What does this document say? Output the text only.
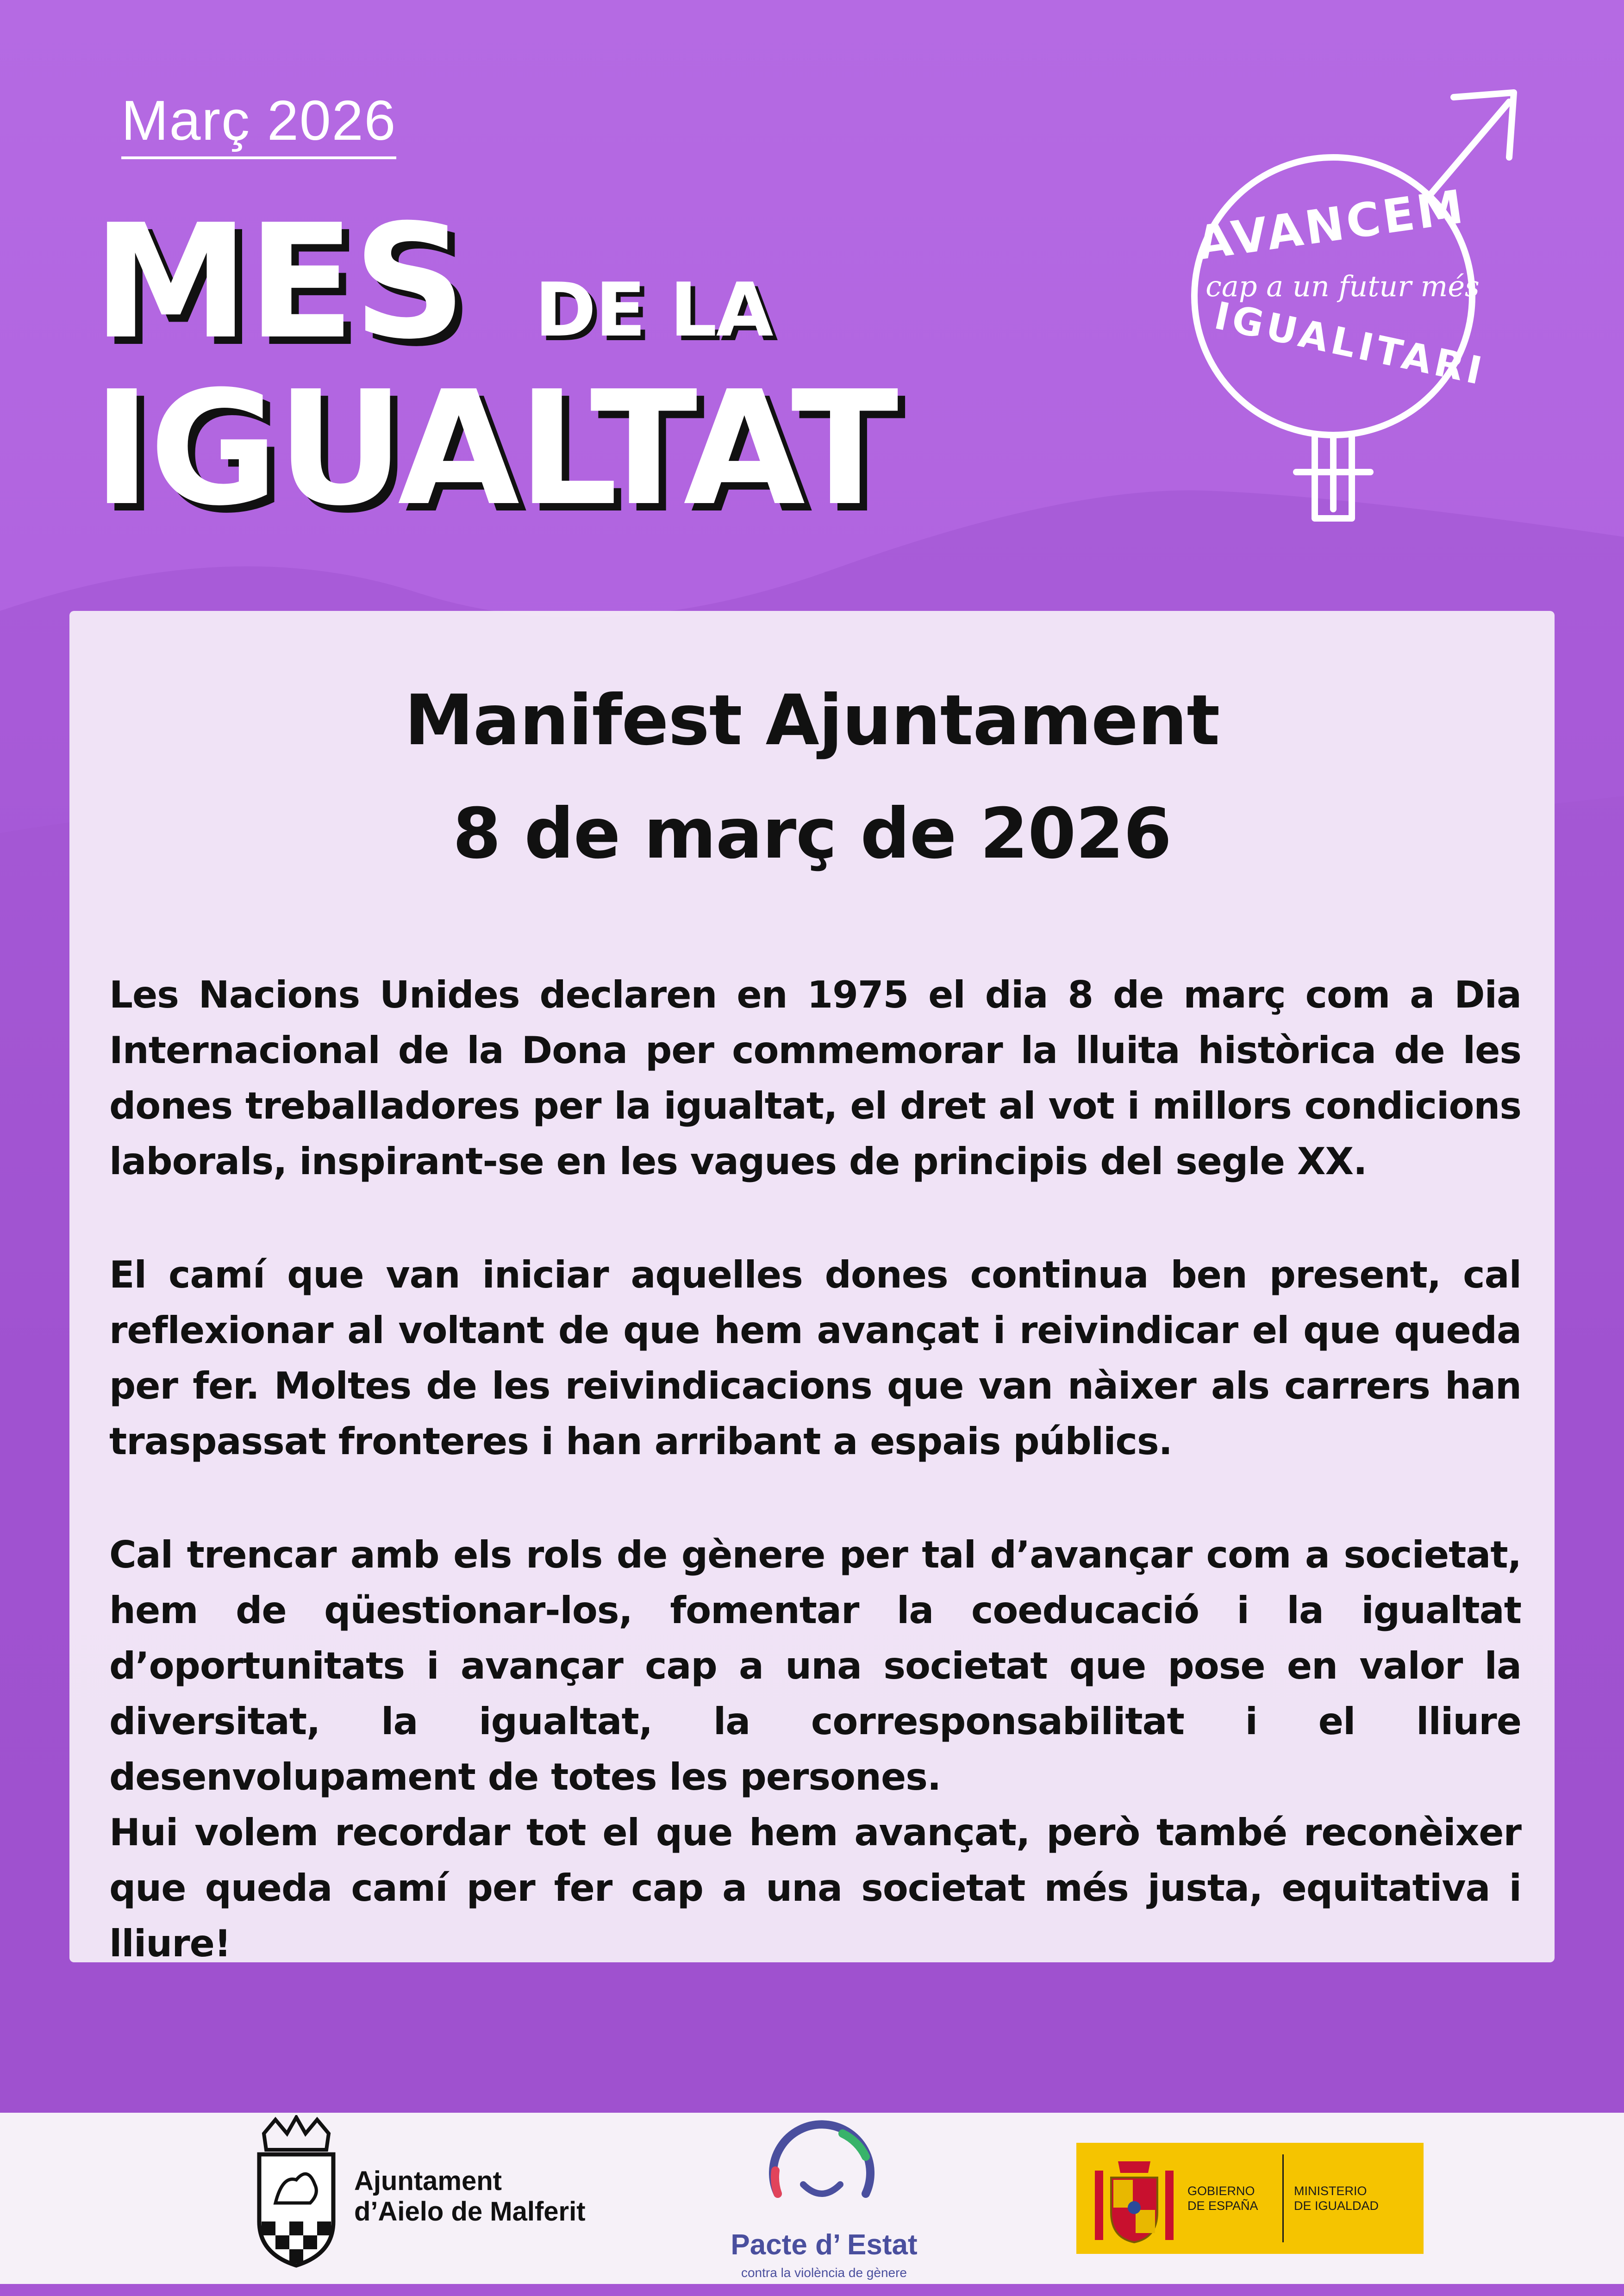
Març 2026
MES DE LA
IGUALTAT
AVANCEM
cap a un futur més
IGUALITARI
Manifest Ajuntament
8 de març de 2026
Les Nacions Unides declaren en 1975 el dia 8 de març com a Dia Internacional de la Dona per commemorar la lluita històrica de les dones treballadores per la igualtat, el dret al vot i millors condicions laborals, inspirant-se en les vagues de principis del segle XX.
El camí que van iniciar aquelles dones continua ben present, cal reflexionar al voltant de que hem avançat i reivindicar el que queda per fer. Moltes de les reivindicacions que van nàixer als carrers han traspassat fronteres i han arribant a espais públics.
Cal trencar amb els rols de gènere per tal d’avançar com a societat, hem de qüestionar-los, fomentar la coeducació i la igualtat d’oportunitats i avançar cap a una societat que pose en valor la diversitat, la igualtat, la corresponsabilitat i el lliure desenvolupament de totes les persones.
Hui volem recordar tot el que hem avançat, però també reconèixer que queda camí per fer cap a una societat més justa, equitativa i lliure!
Ajuntament
d’Aielo de Malferit
Pacte d’ Estat
contra la violència de gènere
GOBIERNO
DE ESPAÑA
MINISTERIO
DE IGUALDAD
